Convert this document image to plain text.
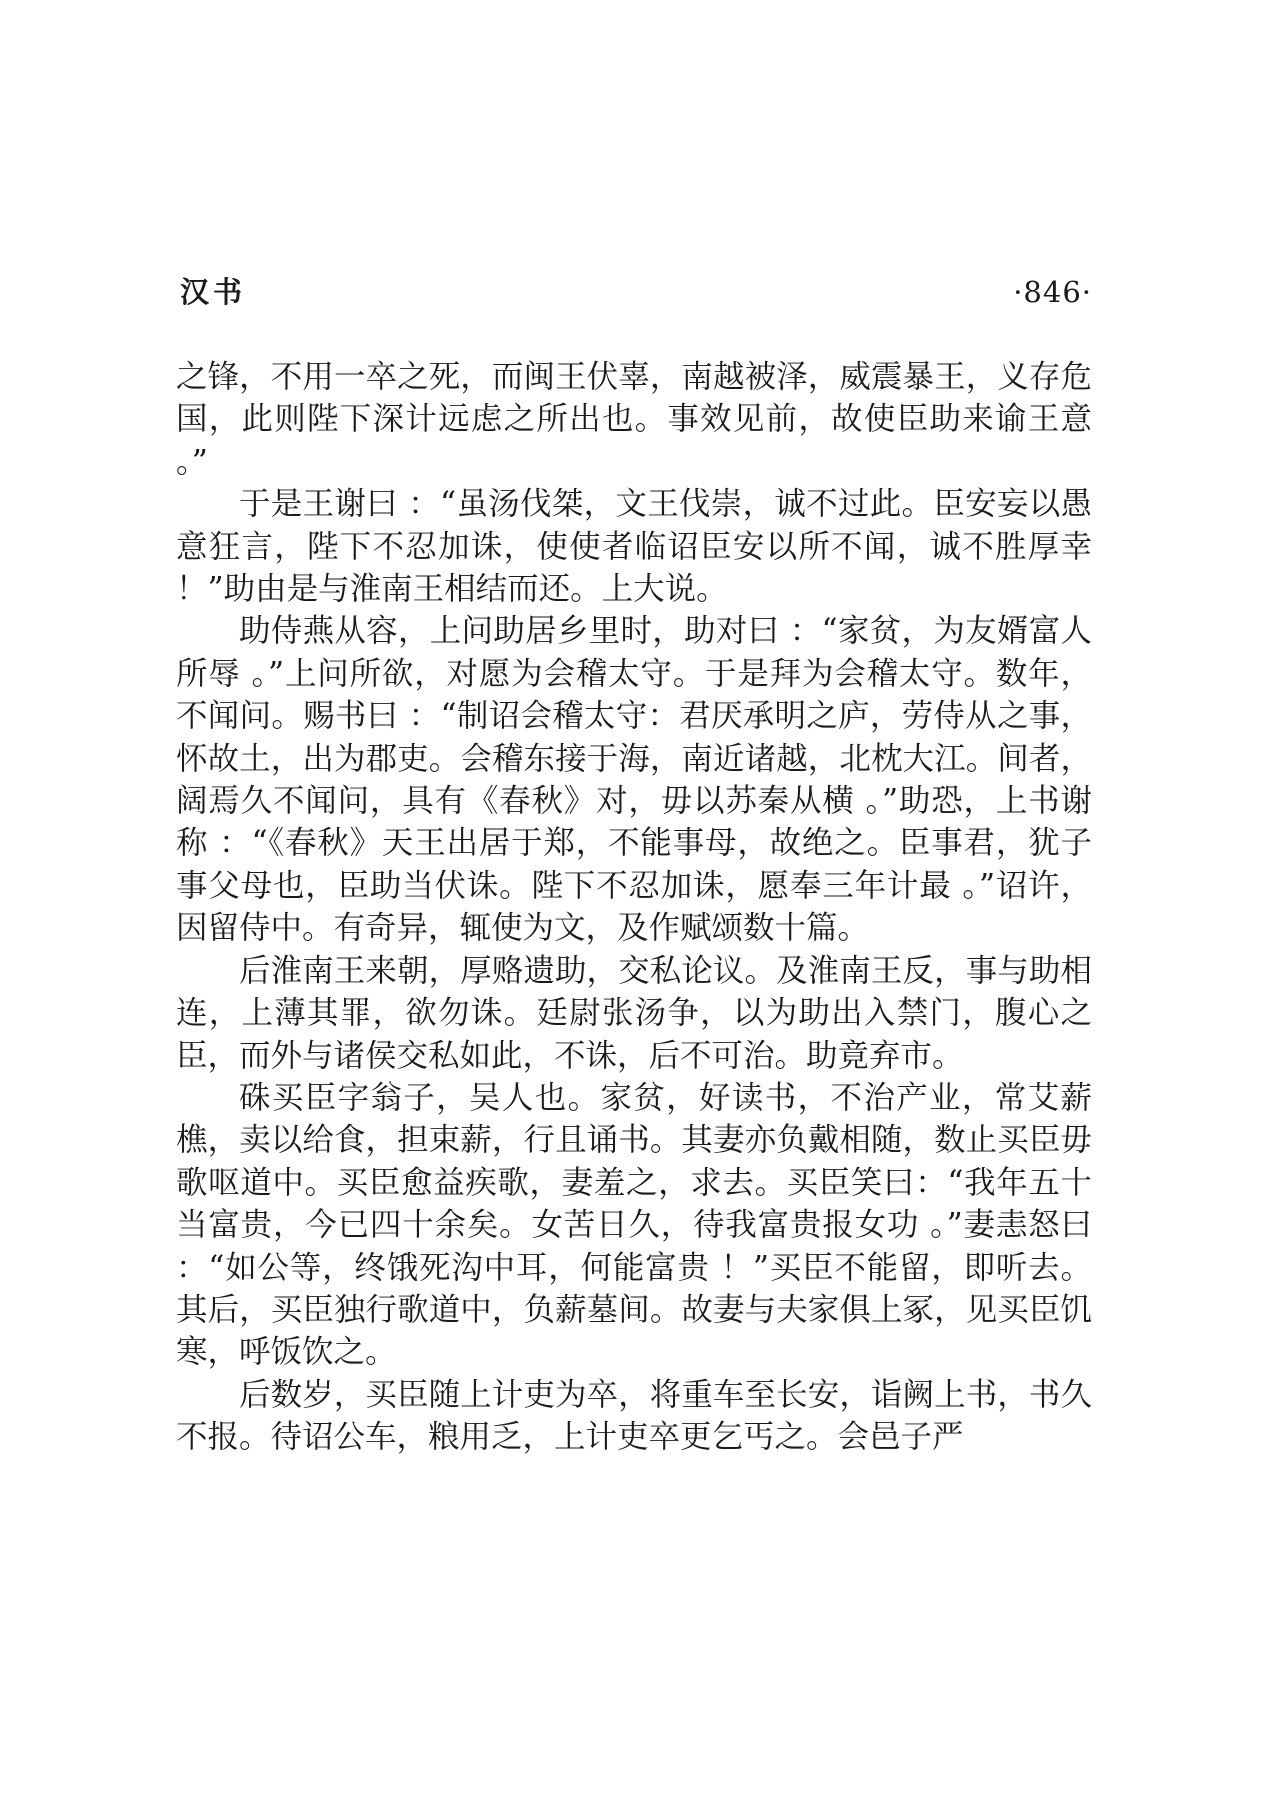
汉书	·846·

之锋，不用一卒之死，而闽王伏辜，南越被泽，威震暴王，义存危国，此则陛下深计远虑之所出也。事效见前，故使臣助来谕王意 。”

于是王谢曰 ：“虽汤伐桀，文王伐崇，诚不过此。臣安妄以愚意狂言，陛下不忍加诛，使使者临诏臣安以所不闻，诚不胜厚幸 ！”助由是与淮南王相结而还。上大说。

助侍燕从容，上问助居乡里时，助对曰 ：“家贫，为友婿富人所辱 。”上问所欲，对愿为会稽太守。于是拜为会稽太守。数年，不闻问。赐书曰 ：“制诏会稽太守：君厌承明之庐，劳侍从之事，怀故土，出为郡吏。会稽东接于海，南近诸越，北枕大江。间者，阔焉久不闻问，具有《春秋》对，毋以苏秦从横 。”助恐，上书谢称 ：“《春秋》天王出居于郑，不能事母，故绝之。臣事君，犹子事父母也，臣助当伏诛。陛下不忍加诛，愿奉三年计最 。”诏许，因留侍中。有奇异，辄使为文，及作赋颂数十篇。

后淮南王来朝，厚赂遗助，交私论议。及淮南王反，事与助相连，上薄其罪，欲勿诛。廷尉张汤争，以为助出入禁门，腹心之臣，而外与诸侯交私如此，不诛，后不可治。助竟弃市。

硃买臣字翁子，吴人也。家贫，好读书，不治产业，常艾薪樵，卖以给食，担束薪，行且诵书。其妻亦负戴相随，数止买臣毋歌呕道中。买臣愈益疾歌，妻羞之，求去。买臣笑曰：“我年五十当富贵，今已四十余矣。女苦日久，待我富贵报女功 。”妻恚怒曰 ：“如公等，终饿死沟中耳，何能富贵 ！”买臣不能留，即听去。其后，买臣独行歌道中，负薪墓间。故妻与夫家俱上冢，见买臣饥寒，呼饭饮之。

后数岁，买臣随上计吏为卒，将重车至长安，诣阙上书，书久不报。待诏公车，粮用乏，上计吏卒更乞丐之。会邑子严
